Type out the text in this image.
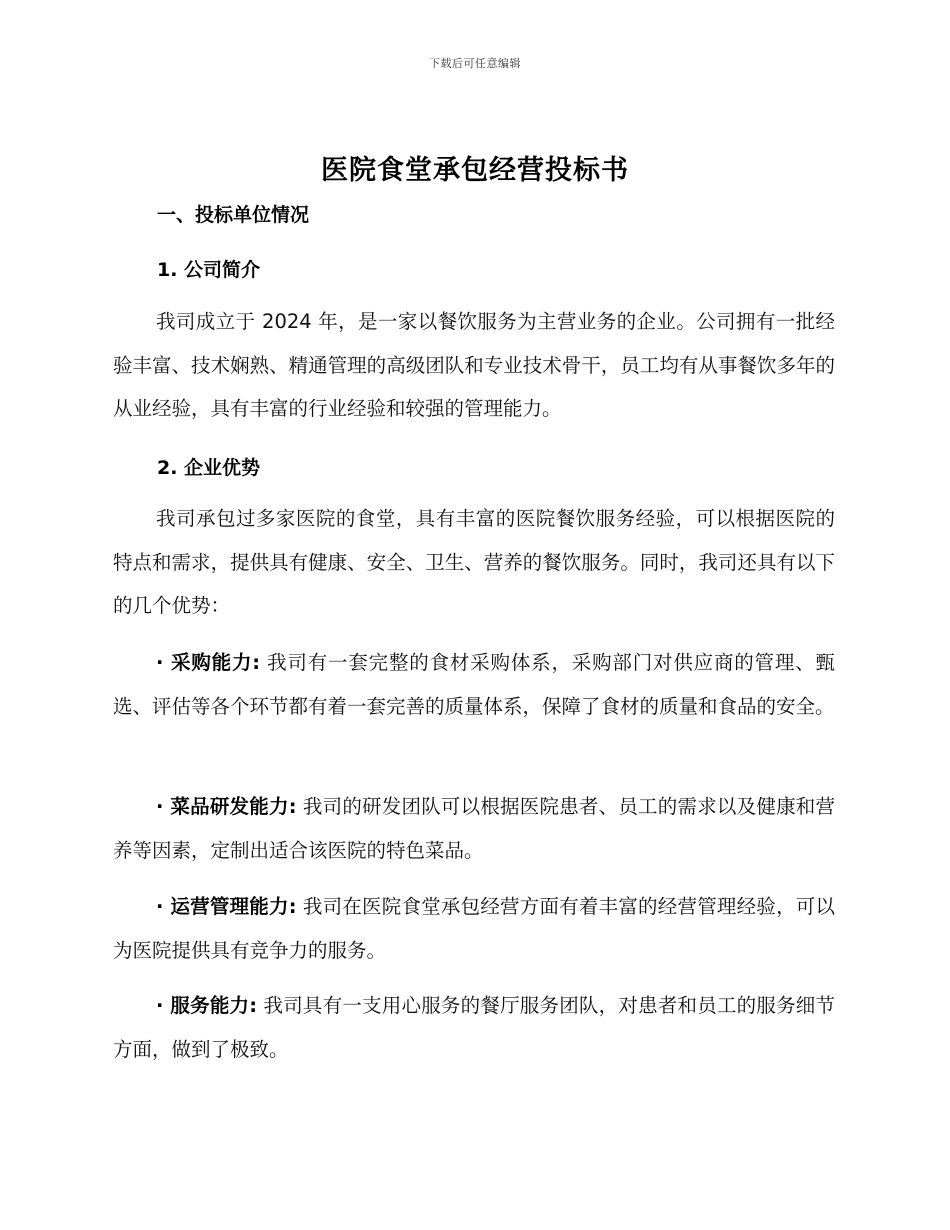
下载后可任意编辑
医院食堂承包经营投标书
一、投标单位情况
1. 公司简介
我司成立于 2024 年，是一家以餐饮服务为主营业务的企业。公司拥有一批经验丰富、技术娴熟、精通管理的高级团队和专业技术骨干，员工均有从事餐饮多年的从业经验，具有丰富的行业经验和较强的管理能力。
2. 企业优势
我司承包过多家医院的食堂，具有丰富的医院餐饮服务经验，可以根据医院的特点和需求，提供具有健康、安全、卫生、营养的餐饮服务。同时，我司还具有以下的几个优势：
· 采购能力: 我司有一套完整的食材采购体系，采购部门对供应商的管理、甄选、评估等各个环节都有着一套完善的质量体系，保障了食材的质量和食品的安全。
· 菜品研发能力: 我司的研发团队可以根据医院患者、员工的需求以及健康和营养等因素，定制出适合该医院的特色菜品。
· 运营管理能力: 我司在医院食堂承包经营方面有着丰富的经营管理经验，可以为医院提供具有竞争力的服务。
· 服务能力: 我司具有一支用心服务的餐厅服务团队，对患者和员工的服务细节方面，做到了极致。
